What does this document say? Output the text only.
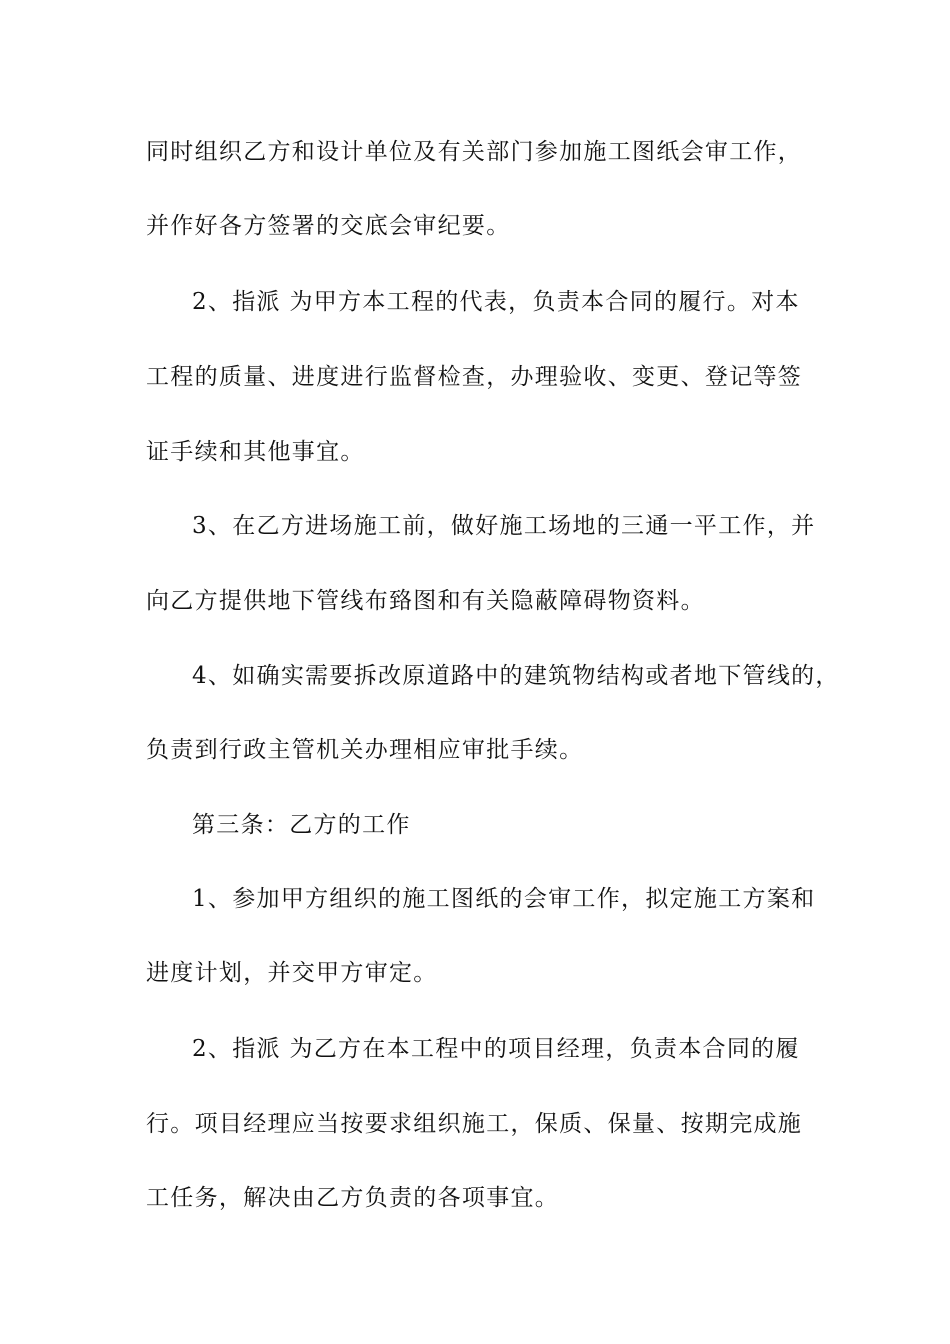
同时组织乙方和设计单位及有关部门参加施工图纸会审工作，
并作好各方签署的交底会审纪要。
2、指派 为甲方本工程的代表，负责本合同的履行。对本
工程的质量、进度进行监督检查，办理验收、变更、登记等签
证手续和其他事宜。
3、在乙方进场施工前，做好施工场地的三通一平工作，并
向乙方提供地下管线布臵图和有关隐蔽障碍物资料。
4、如确实需要拆改原道路中的建筑物结构或者地下管线的，
负责到行政主管机关办理相应审批手续。
第三条：乙方的工作
1、参加甲方组织的施工图纸的会审工作，拟定施工方案和
进度计划，并交甲方审定。
2、指派 为乙方在本工程中的项目经理，负责本合同的履
行。项目经理应当按要求组织施工，保质、保量、按期完成施
工任务，解决由乙方负责的各项事宜。
